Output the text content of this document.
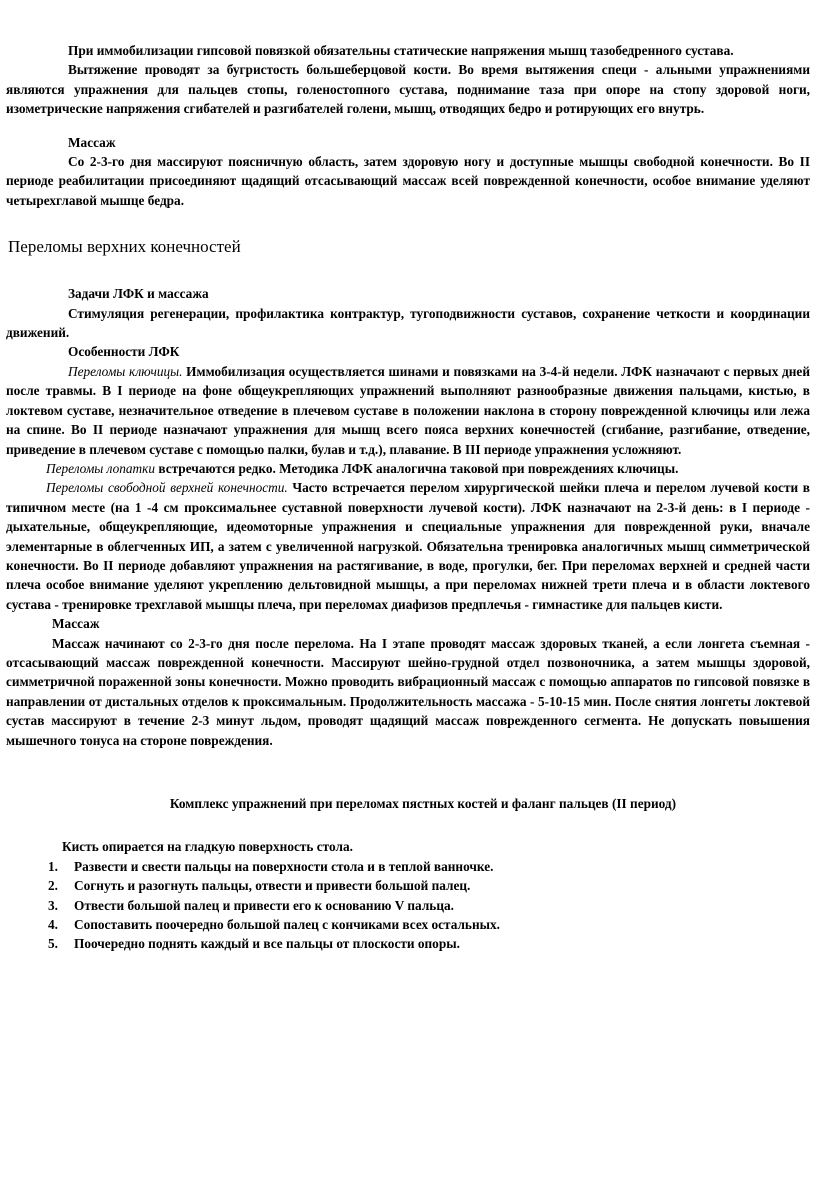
При иммобилизации гипсовой повязкой обязательны статические напряжения мышц тазобедренного сустава.

Вытяжение проводят за бугристость большеберцовой кости. Во время вытяжения специ - альными упражнениями являются упражнения для пальцев стопы, голеностопного сустава, поднимание таза при опоре на стопу здоровой ноги, изометрические напряжения сгибателей и разгибателей голени, мышц, отводящих бедро и ротирующих его внутрь.

Массаж

Со 2-3-го дня массируют поясничную область, затем здоровую ногу и доступные мышцы свободной конечности. Во II периоде реабилитации присоединяют щадящий отсасывающий массаж всей поврежденной конечности, особое внимание уделяют четырехглавой мышце бедра.

Переломы верхних конечностей

Задачи ЛФК и массажа

Стимуляция регенерации, профилактика контрактур, тугоподвижности суставов, сохранение четкости и координации движений.

Особенности ЛФК

Переломы ключицы. Иммобилизация осуществляется шинами и повязками на 3-4-й недели. ЛФК назначают с первых дней после травмы. В I периоде на фоне общеукрепляющих упражнений выполняют разнообразные движения пальцами, кистью, в локтевом суставе, незначительное отведение в плечевом суставе в положении наклона в сторону поврежденной ключицы или лежа на спине. Во II периоде назначают упражнения для мышц всего пояса верхних конечностей (сгибание, разгибание, отведение, приведение в плечевом суставе с помощью палки, булав и т.д.), плавание. В III периоде упражнения усложняют.

Переломы лопатки встречаются редко. Методика ЛФК аналогична таковой при повреждениях ключицы.

Переломы свободной верхней конечности. Часто встречается перелом хирургической шейки плеча и перелом лучевой кости в типичном месте (на 1 -4 см проксимальнее суставной поверхности лучевой кости). ЛФК назначают на 2-3-й день: в I периоде - дыхательные, общеукрепляющие, идеомоторные упражнения и специальные упражнения для поврежденной руки, вначале элементарные в облегченных ИП, а затем с увеличенной нагрузкой. Обязательна тренировка аналогичных мышц симметрической конечности. Во II периоде добавляют упражнения на растягивание, в воде, прогулки, бег. При переломах верхней и средней части плеча особое внимание уделяют укреплению дельтовидной мышцы, а при переломах нижней трети плеча и в области локтевого сустава - тренировке трехглавой мышцы плеча, при переломах диафизов предплечья - гимнастике для пальцев кисти.

Массаж

Массаж начинают со 2-3-го дня после перелома. На I этапе проводят массаж здоровых тканей, а если лонгета съемная - отсасывающий массаж поврежденной конечности. Массируют шейно-грудной отдел позвоночника, а затем мышцы здоровой, симметричной пораженной зоны конечности. Можно проводить вибрационный массаж с помощью аппаратов по гипсовой повязке в направлении от дистальных отделов к проксимальным. Продолжительность массажа - 5-10-15 мин. После снятия лонгеты локтевой сустав массируют в течение 2-3 минут льдом, проводят щадящий массаж поврежденного сегмента. Не допускать повышения мышечного тонуса на стороне повреждения.

Комплекс упражнений при переломах пястных костей и фаланг пальцев (II период)

Кисть опирается на гладкую поверхность стола.

1.	Развести и свести пальцы на поверхности стола и в теплой ванночке.
2.	Согнуть и разогнуть пальцы, отвести и привести большой палец.
3.	Отвести большой палец и привести его к основанию V пальца.
4.	Сопоставить поочередно большой палец с кончиками всех остальных.
5.	Поочередно поднять каждый и все пальцы от плоскости опоры.
